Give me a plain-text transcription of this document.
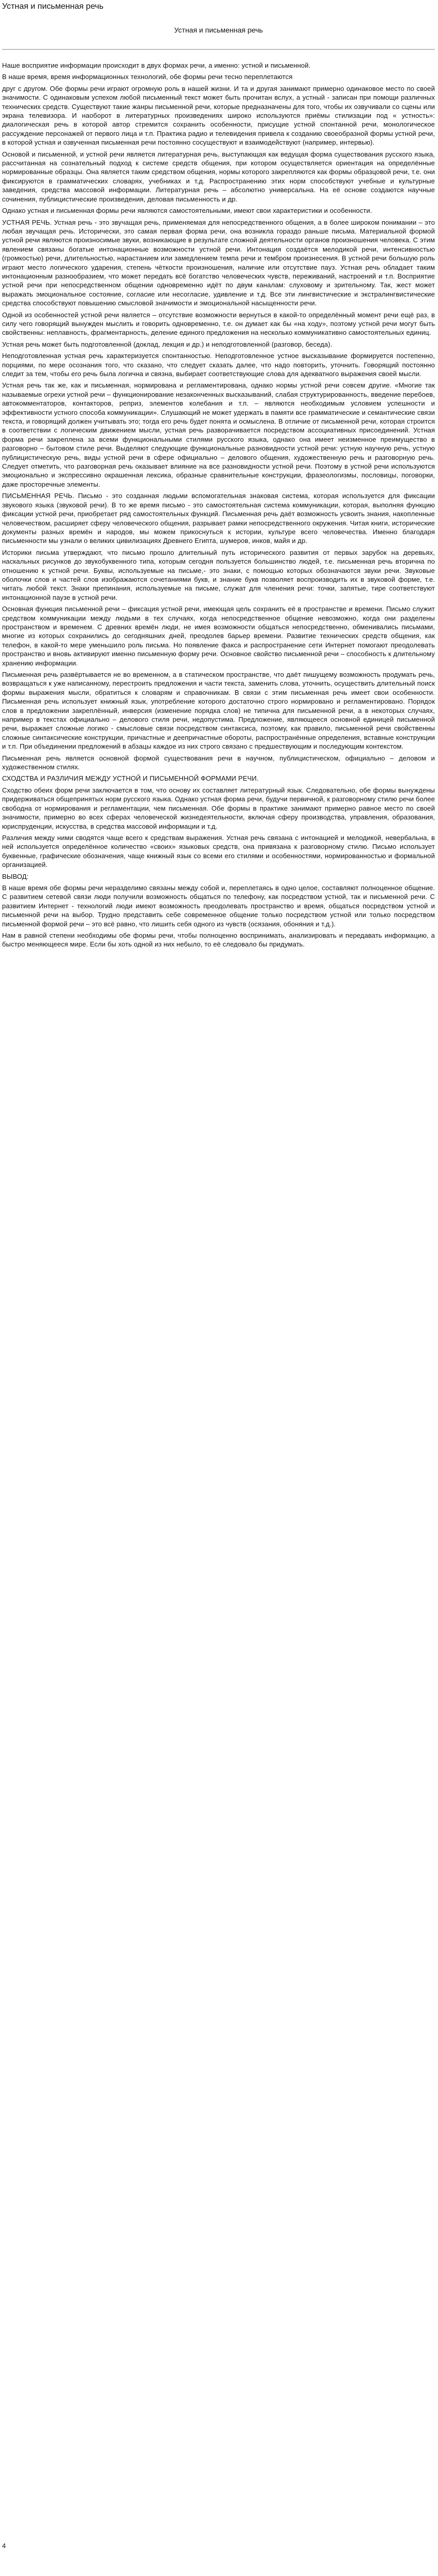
Устная и письменная речь
Устная и письменная речь

Наше восприятие информации происходит в двух формах речи, а именно: устной и письменной.

В наше время, время информационных технологий, обе формы речи тесно переплетаются

друг с другом. Обе формы речи играют огромную роль в нашей жизни. И та и другая занимают примерно одинаковое место по своей значимости. С одинаковым успехом любой письменный текст может быть прочитан вслух, а устный - записан при помощи различных технических средств. Существуют такие жанры письменной речи, которые предназначены для того, чтобы их озвучивали со сцены или экрана телевизора. И наоборот в литературных произведениях широко используются приёмы стилизации под « устность»: диалогическая речь в которой автор стремится сохранить особенности, присущие устной спонтанной речи, монологическое рассуждение персонажей от первого лица и т.п. Практика радио и телевидения привела к созданию своеобразной формы устной речи, в которой устная и озвученная письменная речи постоянно сосуществуют и взаимодействуют (например, интервью).

Основой и письменной, и устной речи является литературная речь, выступающая как ведущая форма существования русского языка, рассчитанная на сознательный подход к системе средств общения, при котором осуществляется ориентация на определённые нормированные образцы. Она является таким средством общения, нормы которого закрепляются как формы образцовой речи, т.е. они фиксируются в грамматических словарях, учебниках и т.д. Распространению этих норм способствуют учебные и культурные заведения, средства массовой информации. Литературная речь – абсолютно универсальна. На её основе создаются научные сочинения, публицистические произведения, деловая письменность и др.

Однако устная и письменная формы речи являются самостоятельными, имеют свои характеристики и особенности.

УСТНАЯ РЕЧЬ. Устная речь - это звучащая речь, применяемая для непосредственного общения, а в более широком понимании – это любая звучащая речь. Исторически, это самая первая форма речи, она возникла гораздо раньше письма. Материальной формой устной речи являются произносимые звуки, возникающие в результате сложной деятельности органов произношения человека. С этим явлением связаны богатые интонационные возможности устной речи. Интонация создаётся мелодикой речи, интенсивностью (громкостью) речи, длительностью, нарастанием или замедлением темпа речи и тембром произнесения. В устной речи большую роль играют место логического ударения, степень чёткости произношения, наличие или отсутствие пауз. Устная речь обладает таким интонационным разнообразием, что может передать всё богатство человеческих чувств, переживаний, настроений и т.п. Восприятие устной речи при непосредственном общении одновременно идёт по двум каналам: слуховому и зрительному. Так, жест может выражать эмоциональное состояние, согласие или несогласие, удивление и т.д. Все эти лингвистические и экстралингвистические средства способствуют повышению смысловой значимости и эмоциональной насыщенности речи.

Одной из особенностей устной речи является – отсутствие возможности вернуться в какой-то определённый момент речи ещё раз, в силу чего говорящий вынужден мыслить и говорить одновременно, т.е. он думает как бы «на ходу», поэтому устной речи могут быть свойственны: неплавность, фрагментарность, деление единого предложения на несколько коммуникативно самостоятельных единиц.

Устная речь может быть подготовленной (доклад, лекция и др.) и неподготовленной (разговор, беседа).

Неподготовленная устная речь характеризуется спонтанностью. Неподготовленное устное высказывание формируется постепенно, порциями, по мере осознания того, что сказано, что следует сказать далее, что надо повторить, уточнить. Говорящий постоянно следит за тем, чтобы его речь была логична и связна, выбирает соответствующие слова для адекватного выражения своей мысли.

Устная речь так же, как и письменная, нормирована и регламентирована, однако нормы устной речи совсем другие. «Многие так называемые огрехи устной речи – функционирование незаконченных высказываний, слабая структурированность, введение перебоев, автокомментаторов, контакторов, реприз, элементов колебания и т.п. – являются необходимым условием успешности и эффективности устного способа коммуникации». Слушающий не может удержать в памяти все грамматические и семантические связи текста, и говорящий должен учитывать это; тогда его речь будет понята и осмыслена. В отличие от письменной речи, которая строится в соответствии с логическим движением мысли, устная речь разворачивается посредством ассоциативных присоединений. Устная форма речи закреплена за всеми функциональными стилями русского языка, однако она имеет неизменное преимущество в разговорно – бытовом стиле речи. Выделяют следующие функциональные разновидности устной речи: устную научную речь, устную публицистическую речь, виды устной речи в сфере официально – делового общения, художественную речь и разговорную речь. Следует отметить, что разговорная речь оказывает влияние на все разновидности устной речи. Поэтому в устной речи используются эмоционально и экспрессивно окрашенная лексика, образные сравнительные конструкции, фразеологизмы, пословицы, поговорки, даже просторечные элементы.

ПИСЬМЕННАЯ РЕЧЬ. Письмо - это созданная людьми вспомогательная знаковая система, которая используется для фиксации звукового языка (звуковой речи). В то же время письмо - это самостоятельная система коммуникации, которая, выполняя функцию фиксации устной речи, приобретает ряд самостоятельных функций. Письменная речь даёт возможность усвоить знания, накопленные человечеством, расширяет сферу человеческого общения, разрывает рамки непосредственного окружения. Читая книги, исторические документы разных времён и народов, мы можем прикоснуться к истории, культуре всего человечества. Именно благодаря письменности мы узнали о великих цивилизациях Древнего Египта, шумеров, инков, майя и др.

Историки письма утверждают, что письмо прошло длительный путь исторического развития от первых зарубок на деревьях, наскальных рисунков до звукобуквенного типа, которым сегодня пользуется большинство людей, т.е. письменная речь вторична по отношению к устной речи. Буквы, используемые на письме,- это знаки, с помощью которых обозначаются звуки речи. Звуковые оболочки слов и частей слов изображаются сочетаниями букв, и знание букв позволяет воспроизводить их в звуковой форме, т.е. читать любой текст. Знаки препинания, используемые на письме, служат для членения речи: точки, запятые, тире соответствуют интонационной паузе в устной речи.

Основная функция письменной речи – фиксация устной речи, имеющая цель сохранить её в пространстве и времени. Письмо служит средством коммуникации между людьми в тех случаях, когда непосредственное общение невозможно, когда они разделены пространством и временем. С древних времён люди, не имея возможности общаться непосредственно, обменивались письмами, многие из которых сохранились до сегодняшних дней, преодолев барьер времени. Развитие технических средств общения, как телефон, в какой-то мере уменьшило роль письма. Но появление факса и распространение сети Интернет помогают преодолевать пространство и вновь активируют именно письменную форму речи. Основное свойство письменной речи – способность к длительному хранению информации.

Письменная речь развёртывается не во временном, а в статическом пространстве, что даёт пишущему возможность продумать речь, возвращаться к уже написанному, перестроить предложения и части текста, заменить слова, уточнить, осуществить длительный поиск формы выражения мысли, обратиться к словарям и справочникам. В связи с этим письменная речь имеет свои особенности. Письменная речь использует книжный язык, употребление которого достаточно строго нормировано и регламентировано. Порядок слов в предложении закреплённый, инверсия (изменение порядка слов) не типична для письменной речи, а в некоторых случаях, например в текстах официально – делового стиля речи, недопустима. Предложение, являющееся основной единицей письменной речи, выражает сложные логико - смысловые связи посредством синтаксиса, поэтому, как правило, письменной речи свойственны сложные синтаксические конструкции, причастные и деепричастные обороты, распространённые определения, вставные конструкции и т.п. При объединении предложений в абзацы каждое из них строго связано с предшествующим и последующим контекстом.

Письменная речь является основной формой существования речи в научном, публицистическом, официально – деловом и художественном стилях.

СХОДСТВА И РАЗЛИЧИЯ МЕЖДУ УСТНОЙ И ПИСЬМЕННОЙ ФОРМАМИ РЕЧИ.

Сходство обеих форм речи заключается в том, что основу их составляет литературный язык. Следовательно, обе формы вынуждены придерживаться общепринятых норм русского языка. Однако устная форма речи, будучи первичной, к разговорному стилю речи более свободна от нормирования и регламентации, чем письменная. Обе формы в практике занимают примерно равное место по своей значимости, примерно во всех сферах человеческой жизнедеятельности, включая сферу производства, управления, образования, юриспруденции, искусства, в средства массовой информации и т.д.

Различия между ними сводятся чаще всего к средствам выражения. Устная речь связана с интонацией и мелодикой, невербальна, в ней используется определённое количество «своих» языковых средств, она привязана к разговорному стилю. Письмо использует буквенные, графические обозначения, чаще книжный язык со всеми его стилями и особенностями, нормированностью и формальной организацией.

ВЫВОД:

В наше время обе формы речи неразделимо связаны между собой и, переплетаясь в одно целое, составляют полноценное общение. С развитием сетевой связи люди получили возможность общаться по телефону, как посредством устной, так и письменной речи. С развитием Интернет - технологий люди имеют возможность преодолевать пространство и время, общаться посредством устной и письменной речи на выбор. Трудно представить себе современное общение только посредством устной или только посредством письменной формой речи – это всё равно, что лишить себя одного из чувств (осязания, обоняния и т.д.).

Нам в равной степени необходимы обе формы речи, чтобы полноценно воспринимать, анализировать и передавать информацию, а быстро меняющееся мире. Если бы хоть одной из них небыло, то её следовало бы придумать.

4
